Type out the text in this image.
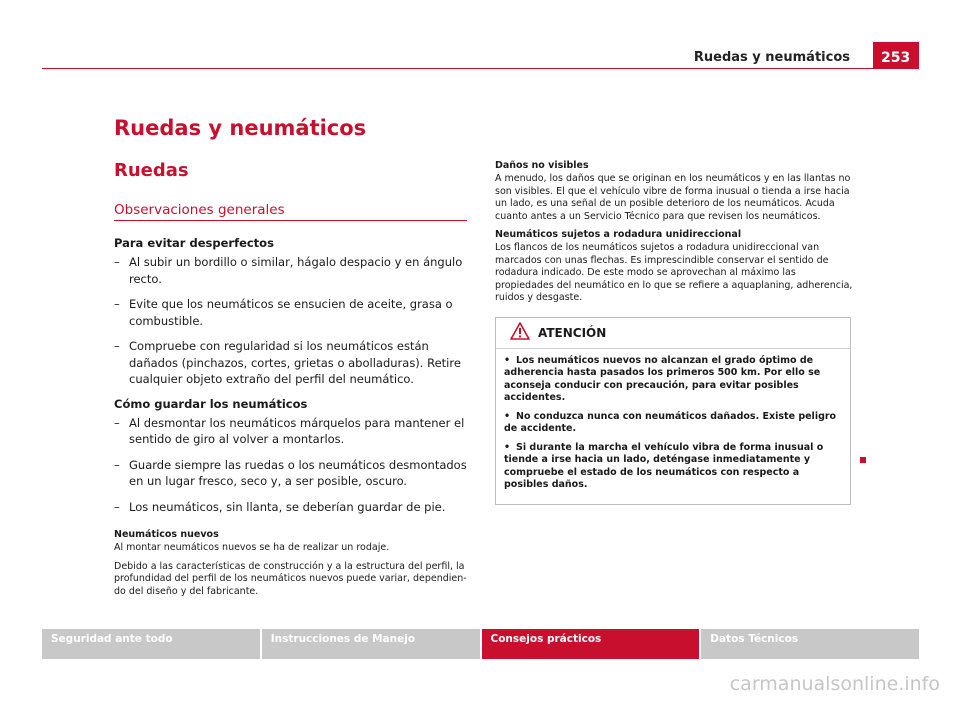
Ruedas y neumáticos	253
Ruedas y neumáticos
Ruedas
Observaciones generales
Para evitar desperfectos
– Al subir un bordillo o similar, hágalo despacio y en ángulo recto.
– Evite que los neumáticos se ensucien de aceite, grasa o combustible.
– Compruebe con regularidad si los neumáticos están dañados (pinchazos, cortes, grietas o abolladuras). Retire cualquier objeto extraño del perfil del neumático.
Cómo guardar los neumáticos
– Al desmontar los neumáticos márquelos para mantener el sentido de giro al volver a montarlos.
– Guarde siempre las ruedas o los neumáticos desmontados en un lugar fresco, seco y, a ser posible, oscuro.
– Los neumáticos, sin llanta, se deberían guardar de pie.
Neumáticos nuevos
Al montar neumáticos nuevos se ha de realizar un rodaje.
Debido a las características de construcción y a la estructura del perfil, la profundidad del perfil de los neumáticos nuevos puede variar, dependiendo del diseño y del fabricante.
Daños no visibles
A menudo, los daños que se originan en los neumáticos y en las llantas no son visibles. El que el vehículo vibre de forma inusual o tienda a irse hacia un lado, es una señal de un posible deterioro de los neumáticos. Acuda cuanto antes a un Servicio Técnico para que revisen los neumáticos.
Neumáticos sujetos a rodadura unidireccional
Los flancos de los neumáticos sujetos a rodadura unidireccional van marcados con unas flechas. Es imprescindible conservar el sentido de rodadura indicado. De este modo se aprovechan al máximo las propiedades del neumático en lo que se refiere a aquaplaning, adherencia, ruidos y desgaste.
ATENCIÓN
• Los neumáticos nuevos no alcanzan el grado óptimo de adherencia hasta pasados los primeros 500 km. Por ello se aconseja conducir con precaución, para evitar posibles accidentes.
• No conduzca nunca con neumáticos dañados. Existe peligro de accidente.
• Si durante la marcha el vehículo vibra de forma inusual o tiende a irse hacia un lado, deténgase inmediatamente y compruebe el estado de los neumáticos con respecto a posibles daños.
Seguridad ante todo	Instrucciones de Manejo	Consejos prácticos	Datos Técnicos
carmanualsonline.info
